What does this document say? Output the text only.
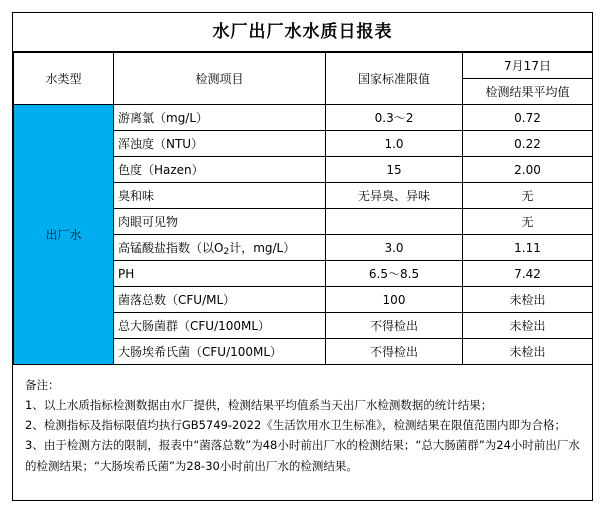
水厂出厂水水质日报表
水类型	检测项目	国家标准限值	7月17日
			检测结果平均值
出厂水	游离氯（mg/L）	0.3～2	0.72
	浑浊度（NTU）	1.0	0.22
	色度（Hazen）	15	2.00
	臭和味	无异臭、异味	无
	肉眼可见物		无
	高锰酸盐指数（以$O_2$计，mg/L）	3.0	1.11
	PH	6.5～8.5	7.42
	菌落总数（CFU/ML）	100	未检出
	总大肠菌群（CFU/100ML）	不得检出	未检出
	大肠埃希氏菌（CFU/100ML）	不得检出	未检出
备注：
1、以上水质指标检测数据由水厂提供，检测结果平均值系当天出厂水检测数据的统计结果；
2、检测指标及指标限值均执行GB5749-2022《生活饮用水卫生标准》，检测结果在限值范围内即为合格；
3、由于检测方法的限制，报表中“菌落总数”为48小时前出厂水的检测结果；“总大肠菌群”为24小时前出厂水的检测结果；“大肠埃希氏菌”为28-30小时前出厂水的检测结果。
